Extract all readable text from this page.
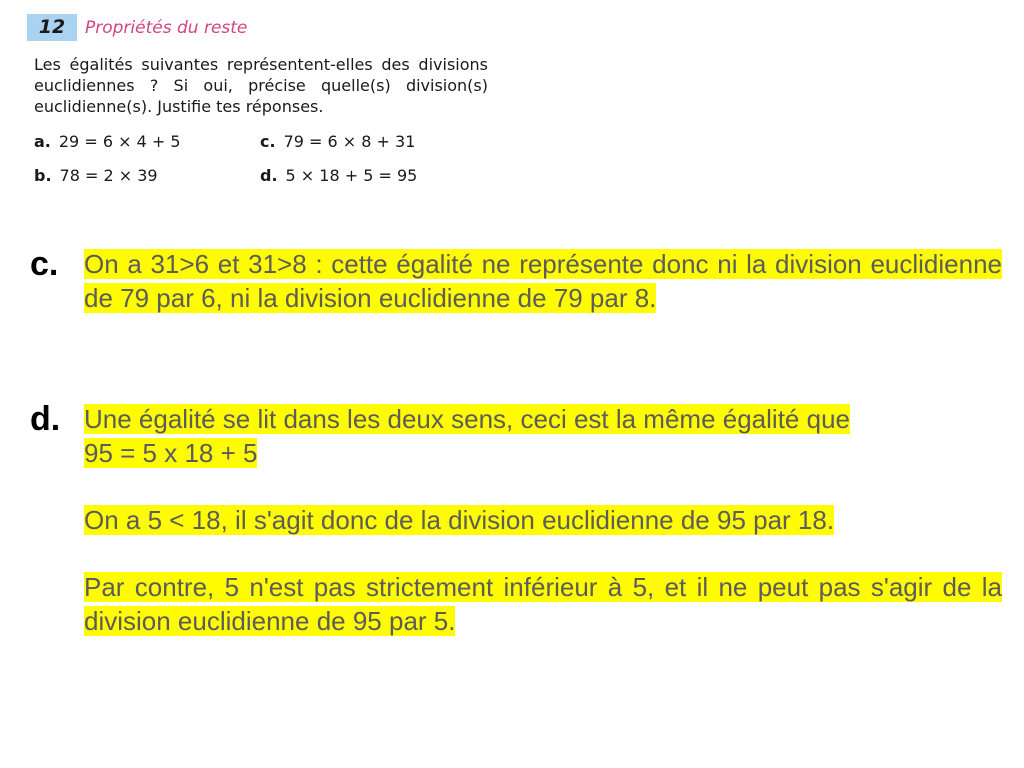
12	Propriétés du reste

Les égalités suivantes représentent-elles des divisions euclidiennes ? Si oui, précise quelle(s) division(s) euclidienne(s). Justifie tes réponses.

a. 29 = 6 × 4 + 5
b. 78 = 2 × 39
c. 79 = 6 × 8 + 31
d. 5 × 18 + 5 = 95
c. On a 31>6 et 31>8 : cette égalité ne représente donc ni la division euclidienne de 79 par 6, ni la division euclidienne de 79 par 8.

d. Une égalité se lit dans les deux sens, ceci est la même égalité que
95 = 5 x 18 + 5

On a 5 < 18, il s'agit donc de la division euclidienne de 95 par 18.

Par contre, 5 n'est pas strictement inférieur à 5, et il ne peut pas s'agir de la division euclidienne de 95 par 5.
